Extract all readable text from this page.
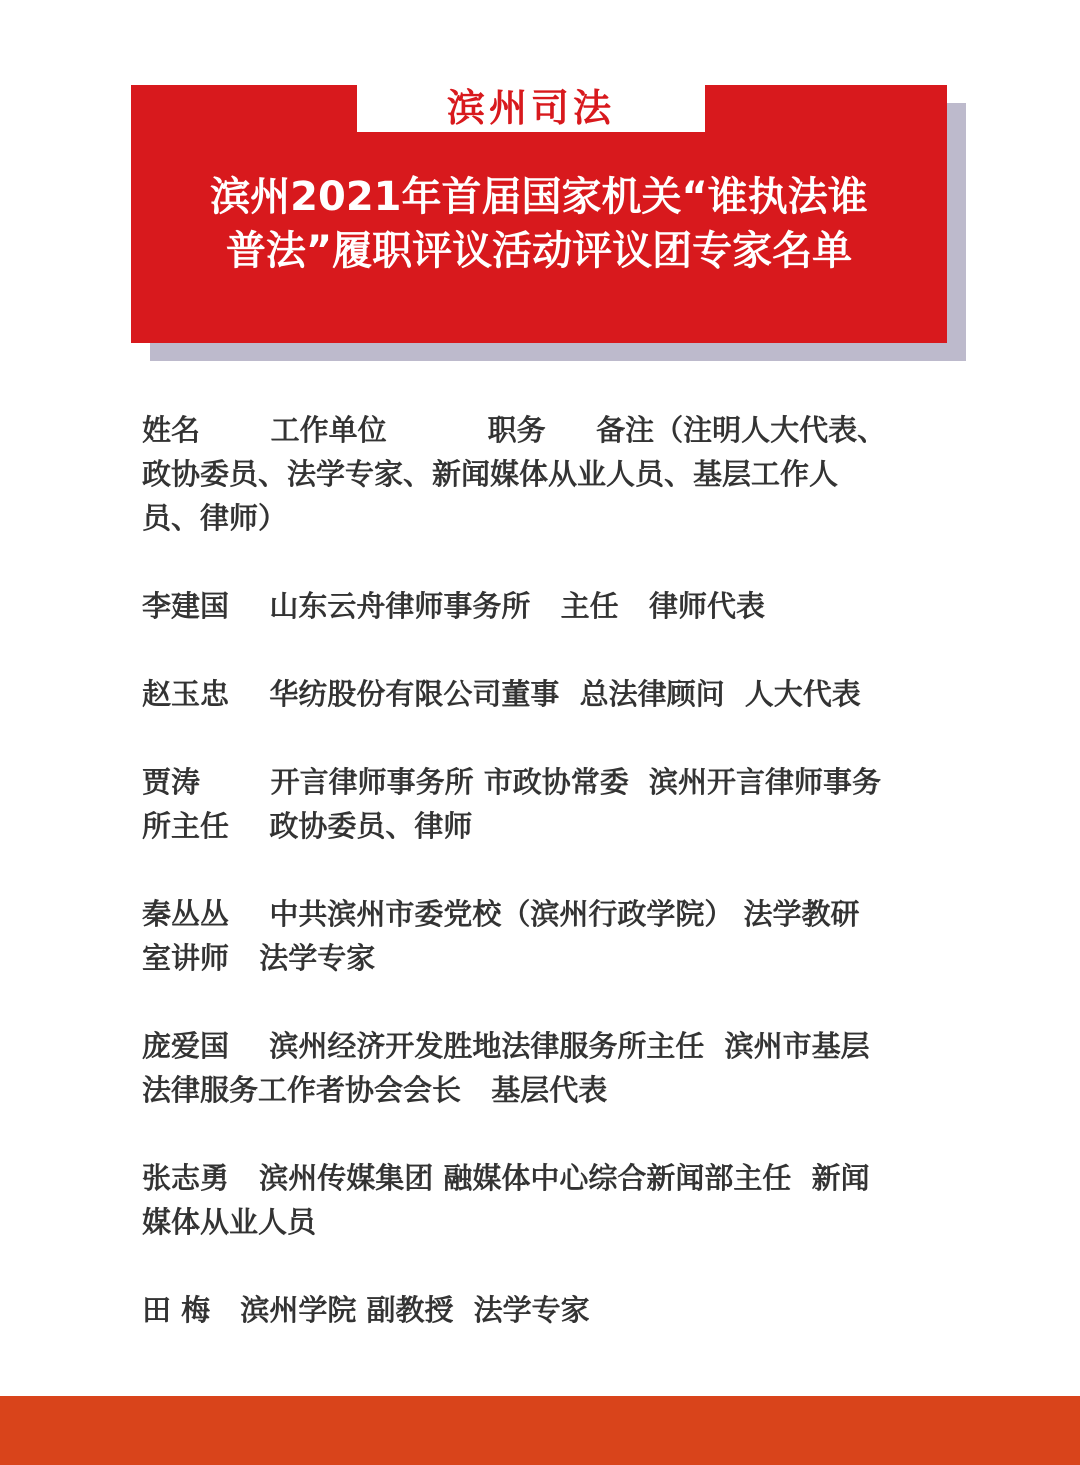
滨州司法
滨州2021年首届国家机关“谁执法谁
普法”履职评议活动评议团专家名单
姓名       工作单位          职务     备注（注明人大代表、
政协委员、法学专家、新闻媒体从业人员、基层工作人
员、律师）
李建国    山东云舟律师事务所   主任   律师代表
赵玉忠    华纺股份有限公司董事  总法律顾问  人大代表
贾涛       开言律师事务所 市政协常委  滨州开言律师事务
所主任    政协委员、律师
秦丛丛    中共滨州市委党校（滨州行政学院） 法学教研
室讲师   法学专家
庞爱国    滨州经济开发胜地法律服务所主任  滨州市基层
法律服务工作者协会会长   基层代表
张志勇   滨州传媒集团 融媒体中心综合新闻部主任  新闻
媒体从业人员
田 梅   滨州学院 副教授  法学专家
